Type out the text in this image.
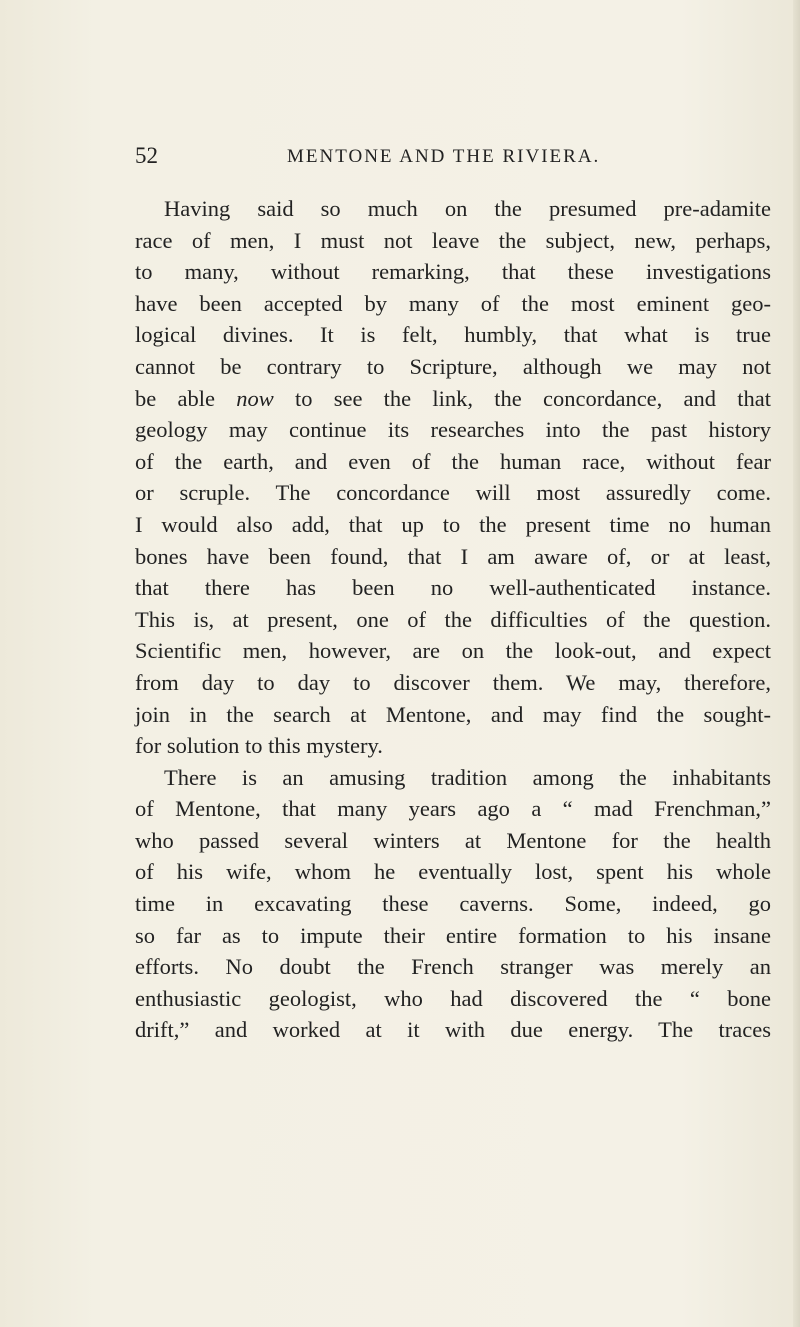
52	MENTONE AND THE RIVIERA.
Having said so much on the presumed pre-adamite
race of men, I must not leave the subject, new, perhaps,
to many, without remarking, that these investigations
have been accepted by many of the most eminent geo-
logical divines. It is felt, humbly, that what is true
cannot be contrary to Scripture, although we may not
be able now to see the link, the concordance, and that
geology may continue its researches into the past history
of the earth, and even of the human race, without fear
or scruple. The concordance will most assuredly come.
I would also add, that up to the present time no human
bones have been found, that I am aware of, or at least,
that there has been no well-authenticated instance.
This is, at present, one of the difficulties of the question.
Scientific men, however, are on the look-out, and expect
from day to day to discover them. We may, therefore,
join in the search at Mentone, and may find the sought-
for solution to this mystery.
There is an amusing tradition among the inhabitants
of Mentone, that many years ago a “ mad Frenchman,”
who passed several winters at Mentone for the health
of his wife, whom he eventually lost, spent his whole
time in excavating these caverns. Some, indeed, go
so far as to impute their entire formation to his insane
efforts. No doubt the French stranger was merely an
enthusiastic geologist, who had discovered the “ bone
drift,” and worked at it with due energy. The traces
